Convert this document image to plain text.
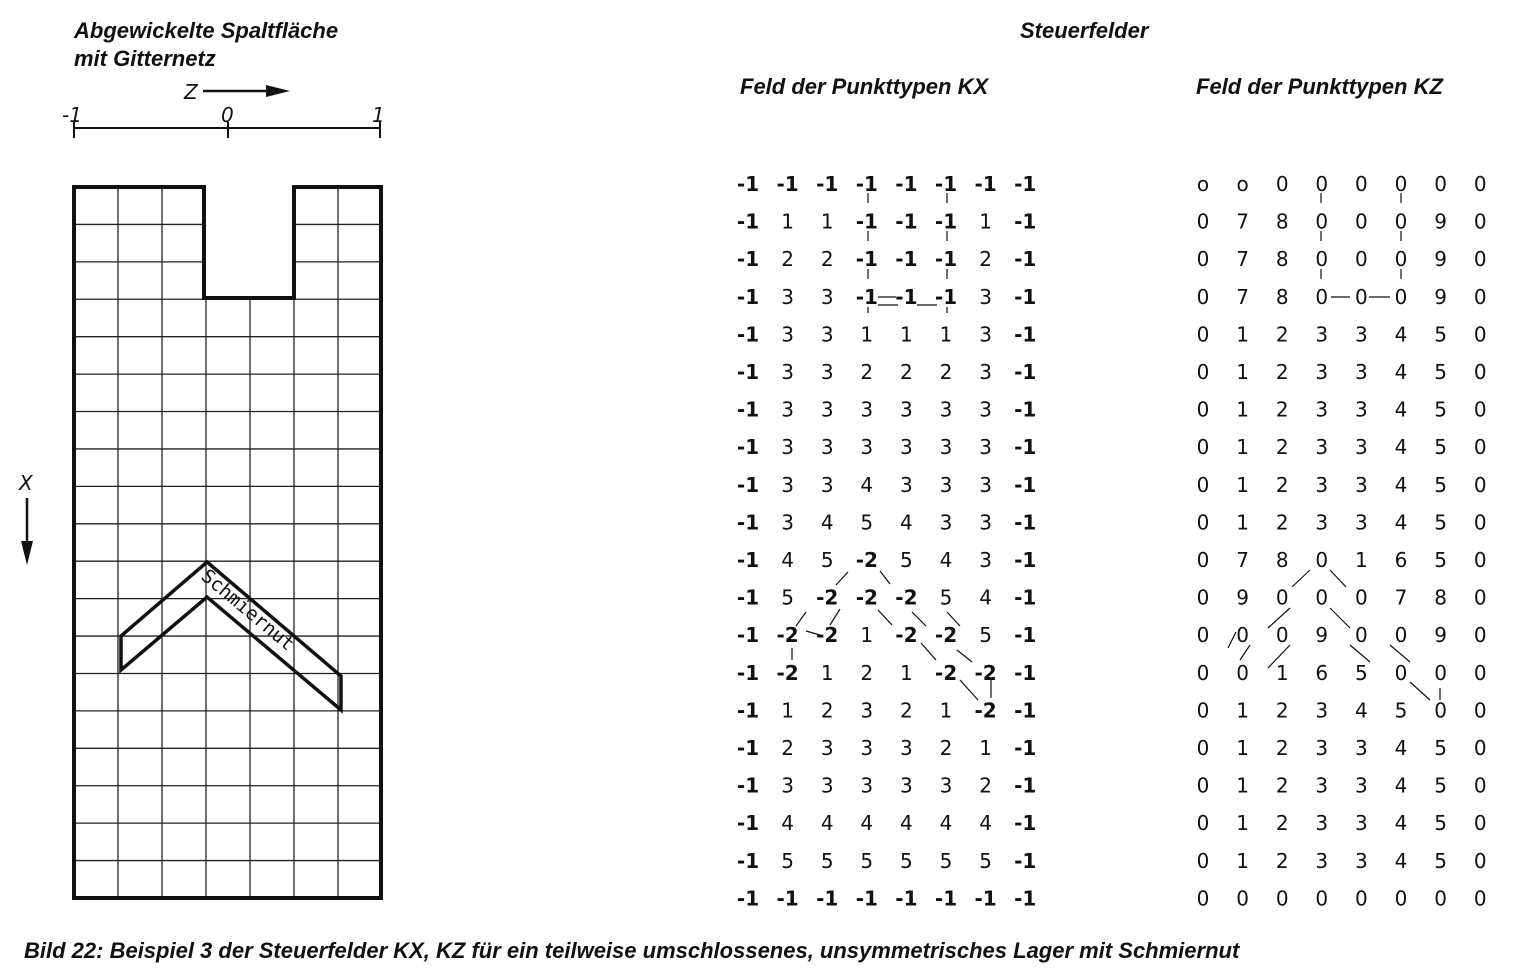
Abgewickelte Spaltfläche
mit Gitternetz
Steuerfelder
Feld der Punkttypen KX	Feld der Punkttypen KZ
Z
-1	0	1
X
Schmiernut
-1 -1 -1 -1 -1 -1 -1 -1
-1 1 1 -1 -1 -1 1 -1
-1 2 2 -1 -1 -1 2 -1
-1 3 3 -1 -1 -1 3 -1
-1 3 3 1 1 1 3 -1
-1 3 3 2 2 2 3 -1
-1 3 3 3 3 3 3 -1
-1 3 3 3 3 3 3 -1
-1 3 3 4 3 3 3 -1
-1 3 4 5 4 3 3 -1
-1 4 5 -2 5 4 3 -1
-1 5 -2 -2 -2 5 4 -1
-1 -2 -2 1 -2 -2 5 -1
-1 -2 1 2 1 -2 -2 -1
-1 1 2 3 2 1 -2 -1
-1 2 3 3 3 2 1 -1
-1 3 3 3 3 3 2 -1
-1 4 4 4 4 4 4 -1
-1 5 5 5 5 5 5 -1
-1 -1 -1 -1 -1 -1 -1 -1
o o 0 0 0 0 0 0
0 7 8 0 0 0 9 0
0 7 8 0 0 0 9 0
0 7 8 0 0 0 9 0
0 1 2 3 3 4 5 0
0 1 2 3 3 4 5 0
0 1 2 3 3 4 5 0
0 1 2 3 3 4 5 0
0 1 2 3 3 4 5 0
0 1 2 3 3 4 5 0
0 7 8 0 1 6 5 0
0 9 0 0 0 7 8 0
0 0 0 9 0 0 9 0
0 0 1 6 5 0 0 0
0 1 2 3 4 5 0 0
0 1 2 3 3 4 5 0
0 1 2 3 3 4 5 0
0 1 2 3 3 4 5 0
0 1 2 3 3 4 5 0
0 0 0 0 0 0 0 0
Bild 22: Beispiel 3 der Steuerfelder KX, KZ für ein teilweise umschlossenes, unsymmetrisches Lager mit Schmiernut
